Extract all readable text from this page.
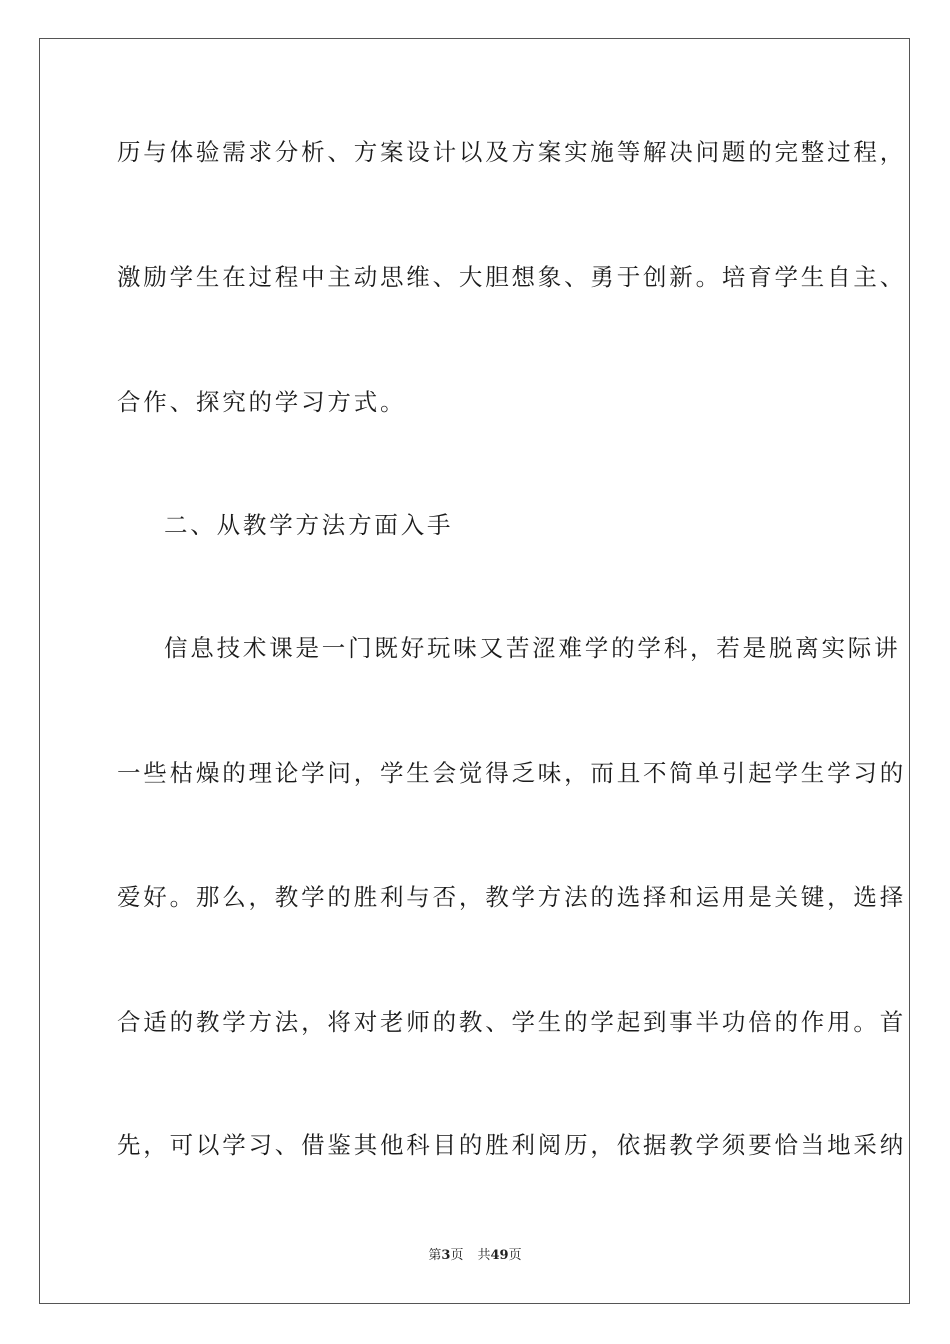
历与体验需求分析、方案设计以及方案实施等解决问题的完整过程，
激励学生在过程中主动思维、大胆想象、勇于创新。培育学生自主、
合作、探究的学习方式。
二、从教学方法方面入手
信息技术课是一门既好玩味又苦涩难学的学科，若是脱离实际讲
一些枯燥的理论学问，学生会觉得乏味，而且不简单引起学生学习的
爱好。那么，教学的胜利与否，教学方法的选择和运用是关键，选择
合适的教学方法，将对老师的教、学生的学起到事半功倍的作用。首
先，可以学习、借鉴其他科目的胜利阅历，依据教学须要恰当地采纳
第3页 共49页
